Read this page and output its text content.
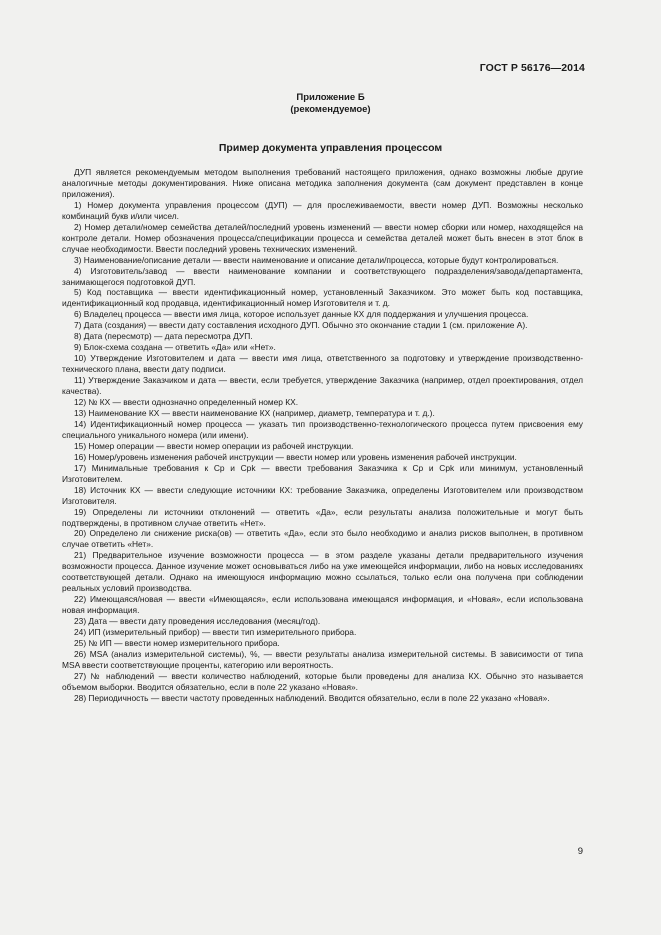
ГОСТ Р 56176—2014
Приложение Б
(рекомендуемое)
Пример документа управления процессом

ДУП является рекомендуемым методом выполнения требований настоящего приложения, однако возможны любые другие аналогичные методы документирования. Ниже описана методика заполнения документа (сам документ представлен в конце приложения).

1) Номер документа управления процессом (ДУП) — для прослеживаемости, ввести номер ДУП. Возможны несколько комбинаций букв и/или чисел.

2) Номер детали/номер семейства деталей/последний уровень изменений — ввести номер сборки или номер, находящейся на контроле детали. Номер обозначения процесса/спецификации процесса и семейства деталей может быть внесен в этот блок в случае необходимости. Ввести последний уровень технических изменений.

3) Наименование/описание детали — ввести наименование и описание детали/процесса, которые будут контролироваться.

4) Изготовитель/завод — ввести наименование компании и соответствующего подразделения/завода/департамента, занимающегося подготовкой ДУП.

5) Код поставщика — ввести идентификационный номер, установленный Заказчиком. Это может быть код поставщика, идентификационный код продавца, идентификационный номер Изготовителя и т. д.

6) Владелец процесса — ввести имя лица, которое использует данные КХ для поддержания и улучшения процесса.

7) Дата (создания) — ввести дату составления исходного ДУП. Обычно это окончание стадии 1 (см. приложение А).

8) Дата (пересмотр) — дата пересмотра ДУП.

9) Блок-схема создана — ответить «Да» или «Нет».

10) Утверждение Изготовителем и дата — ввести имя лица, ответственного за подготовку и утверждение производственно-технического плана, ввести дату подписи.

11) Утверждение Заказчиком и дата — ввести, если требуется, утверждение Заказчика (например, отдел проектирования, отдел качества).

12) № КХ — ввести однозначно определенный номер КХ.

13) Наименование КХ — ввести наименование КХ (например, диаметр, температура и т. д.).

14) Идентификационный номер процесса — указать тип производственно-технологического процесса путем присвоения ему специального уникального номера (или имени).

15) Номер операции — ввести номер операции из рабочей инструкции.

16) Номер/уровень изменения рабочей инструкции — ввести номер или уровень изменения рабочей инструкции.

17) Минимальные требования к Cp и Cpk — ввести требования Заказчика к Cp и Cpk или минимум, установленный Изготовителем.

18) Источник КХ — ввести следующие источники КХ: требование Заказчика, определены Изготовителем или производством Изготовителя.

19) Определены ли источники отклонений — ответить «Да», если результаты анализа положительные и могут быть подтверждены, в противном случае ответить «Нет».

20) Определено ли снижение риска(ов) — ответить «Да», если это было необходимо и анализ рисков выполнен, в противном случае ответить «Нет».

21) Предварительное изучение возможности процесса — в этом разделе указаны детали предварительного изучения возможности процесса. Данное изучение может основываться либо на уже имеющейся информации, либо на новых исследованиях соответствующей детали. Однако на имеющуюся информацию можно ссылаться, только если она получена при соблюдении реальных условий производства.

22) Имеющаяся/новая — ввести «Имеющаяся», если использована имеющаяся информация, и «Новая», если использована новая информация.

23) Дата — ввести дату проведения исследования (месяц/год).

24) ИП (измерительный прибор) — ввести тип измерительного прибора.

25) № ИП — ввести номер измерительного прибора.

26) MSA (анализ измерительной системы), %, — ввести результаты анализа измерительной системы. В зависимости от типа MSA ввести соответствующие проценты, категорию или вероятность.

27) № наблюдений — ввести количество наблюдений, которые были проведены для анализа КХ. Обычно это называется объемом выборки. Вводится обязательно, если в поле 22 указано «Новая».

28) Периодичность — ввести частоту проведенных наблюдений. Вводится обязательно, если в поле 22 указано «Новая».

9
